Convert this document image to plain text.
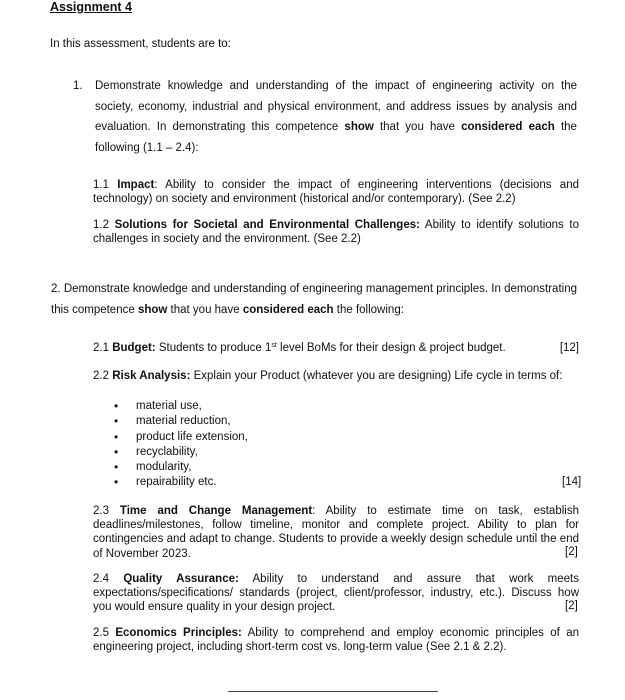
Assignment 4
In this assessment, students are to:
1. Demonstrate knowledge and understanding of the impact of engineering activity on the society, economy, industrial and physical environment, and address issues by analysis and evaluation. In demonstrating this competence show that you have considered each the following (1.1 – 2.4):
1.1 Impact: Ability to consider the impact of engineering interventions (decisions and technology) on society and environment (historical and/or contemporary). (See 2.2)
1.2 Solutions for Societal and Environmental Challenges: Ability to identify solutions to challenges in society and the environment. (See 2.2)
2. Demonstrate knowledge and understanding of engineering management principles. In demonstrating this competence show that you have considered each the following:
2.1 Budget: Students to produce 1st level BoMs for their design & project budget.	[12]
2.2 Risk Analysis: Explain your Product (whatever you are designing) Life cycle in terms of:
• material use,
• material reduction,
• product life extension,
• recyclability,
• modularity,
• repairability etc.	[14]
2.3 Time and Change Management: Ability to estimate time on task, establish deadlines/milestones, follow timeline, monitor and complete project. Ability to plan for contingencies and adapt to change. Students to provide a weekly design schedule until the end of November 2023.	[2]
2.4 Quality Assurance: Ability to understand and assure that work meets expectations/specifications/ standards (project, client/professor, industry, etc.). Discuss how you would ensure quality in your design project.	[2]
2.5 Economics Principles: Ability to comprehend and employ economic principles of an engineering project, including short-term cost vs. long-term value (See 2.1 & 2.2).
